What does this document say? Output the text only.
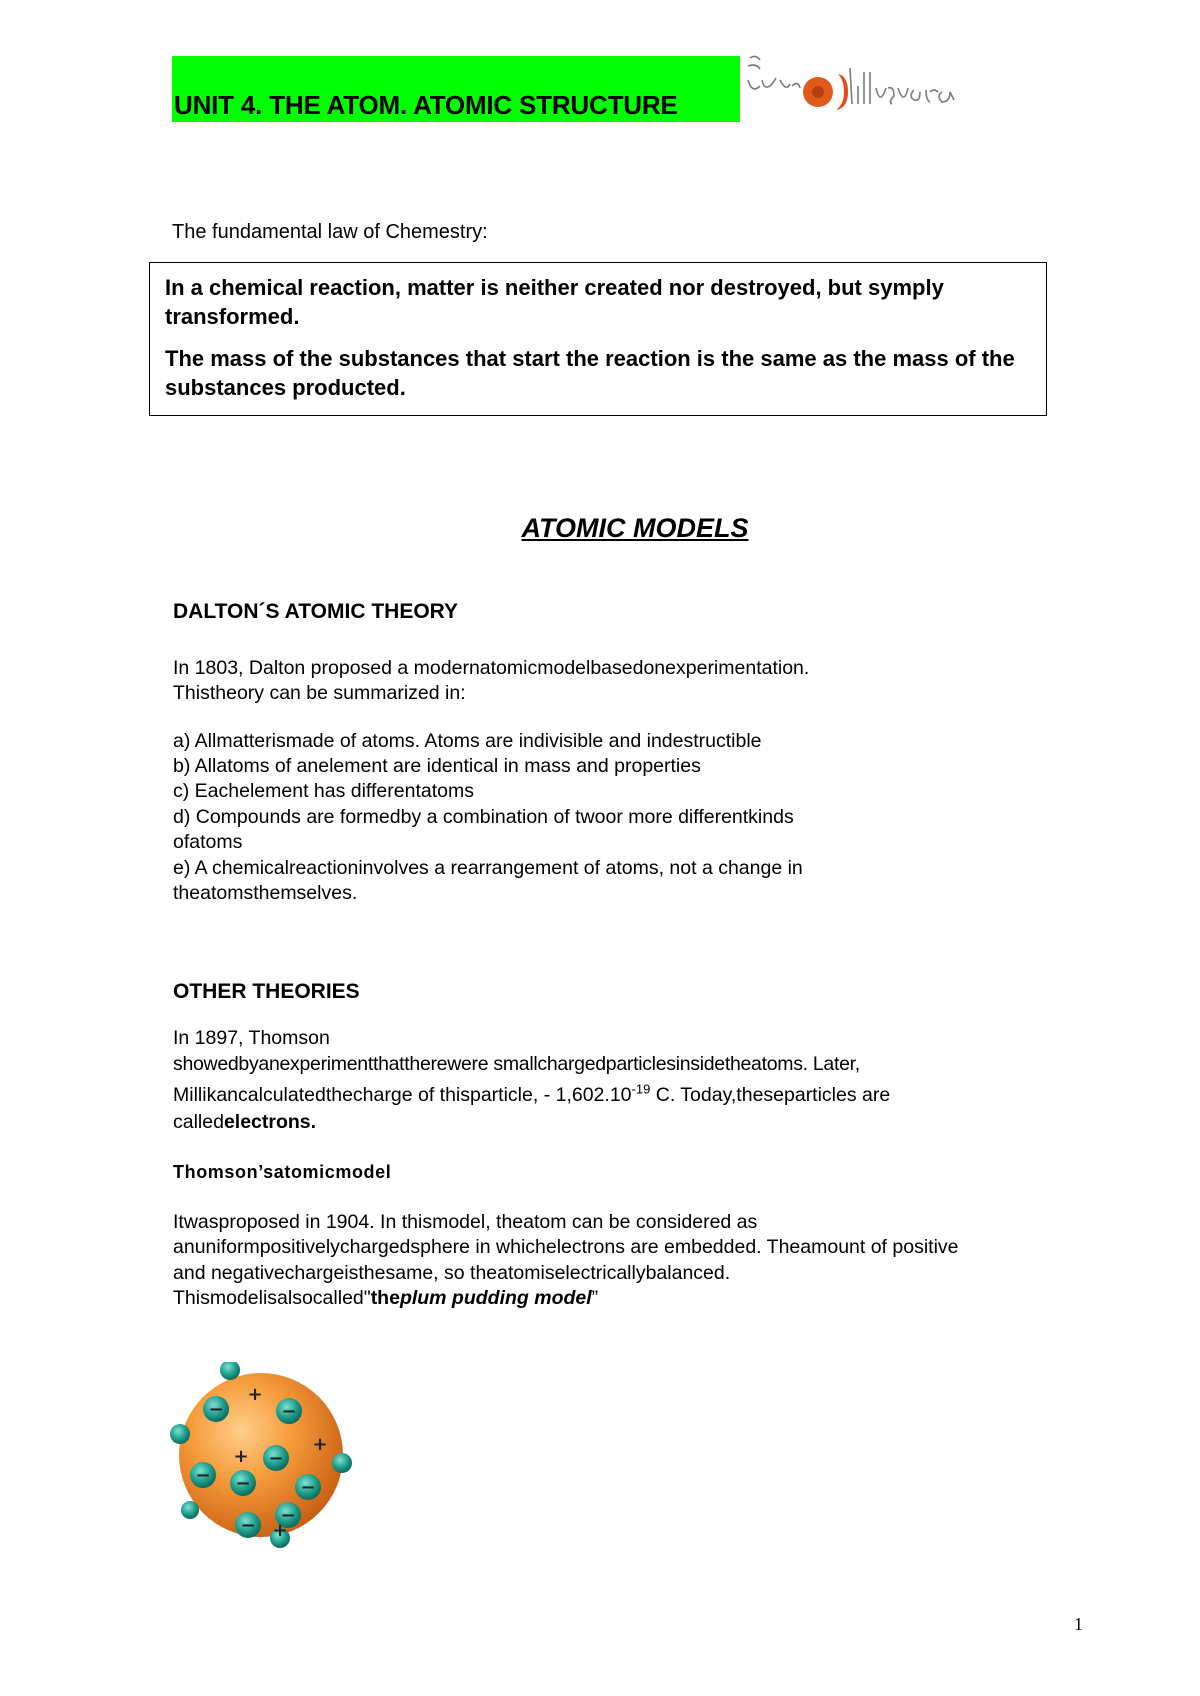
UNIT 4. THE ATOM. ATOMIC STRUCTURE
The fundamental law of Chemestry:

In a chemical reaction, matter is neither created nor destroyed, but symply transformed.

The mass of the substances that start the reaction is the same as the mass of the substances producted.

ATOMIC MODELS
DALTON´S ATOMIC THEORY
In 1803, Dalton proposed a modernatomicmodelbasedonexperimentation.
Thistheory can be summarized in:
a) Allmatterismade of atoms. Atoms are indivisible and indestructible
b) Allatoms of anelement are identical in mass and properties
c) Eachelement has differentatoms
d) Compounds are formedby a combination of twoor more differentkinds
ofatoms
e) A chemicalreactioninvolves a rearrangement of atoms, not a change in
theatomsthemselves.
OTHER THEORIES
In 1897, Thomson
showedbyanexperimentthattherewere smallchargedparticlesinsidetheatoms. Later,
Millikancalculatedthecharge of thisparticle, - $1,602.10^{-19}$ C. Today,theseparticles are
calledelectrons.
Thomson’satomicmodel
Itwasproposed in 1904. In thismodel, theatom can be considered as
anuniformpositivelychargedsphere in whichelectrons are embedded. Theamount of positive
and negativechargeisthesame, so theatomiselectricallybalanced.
Thismodelisalsocalled"theplum pudding model”
−	−
−
− −	−
− −
+
+
+
+
1
